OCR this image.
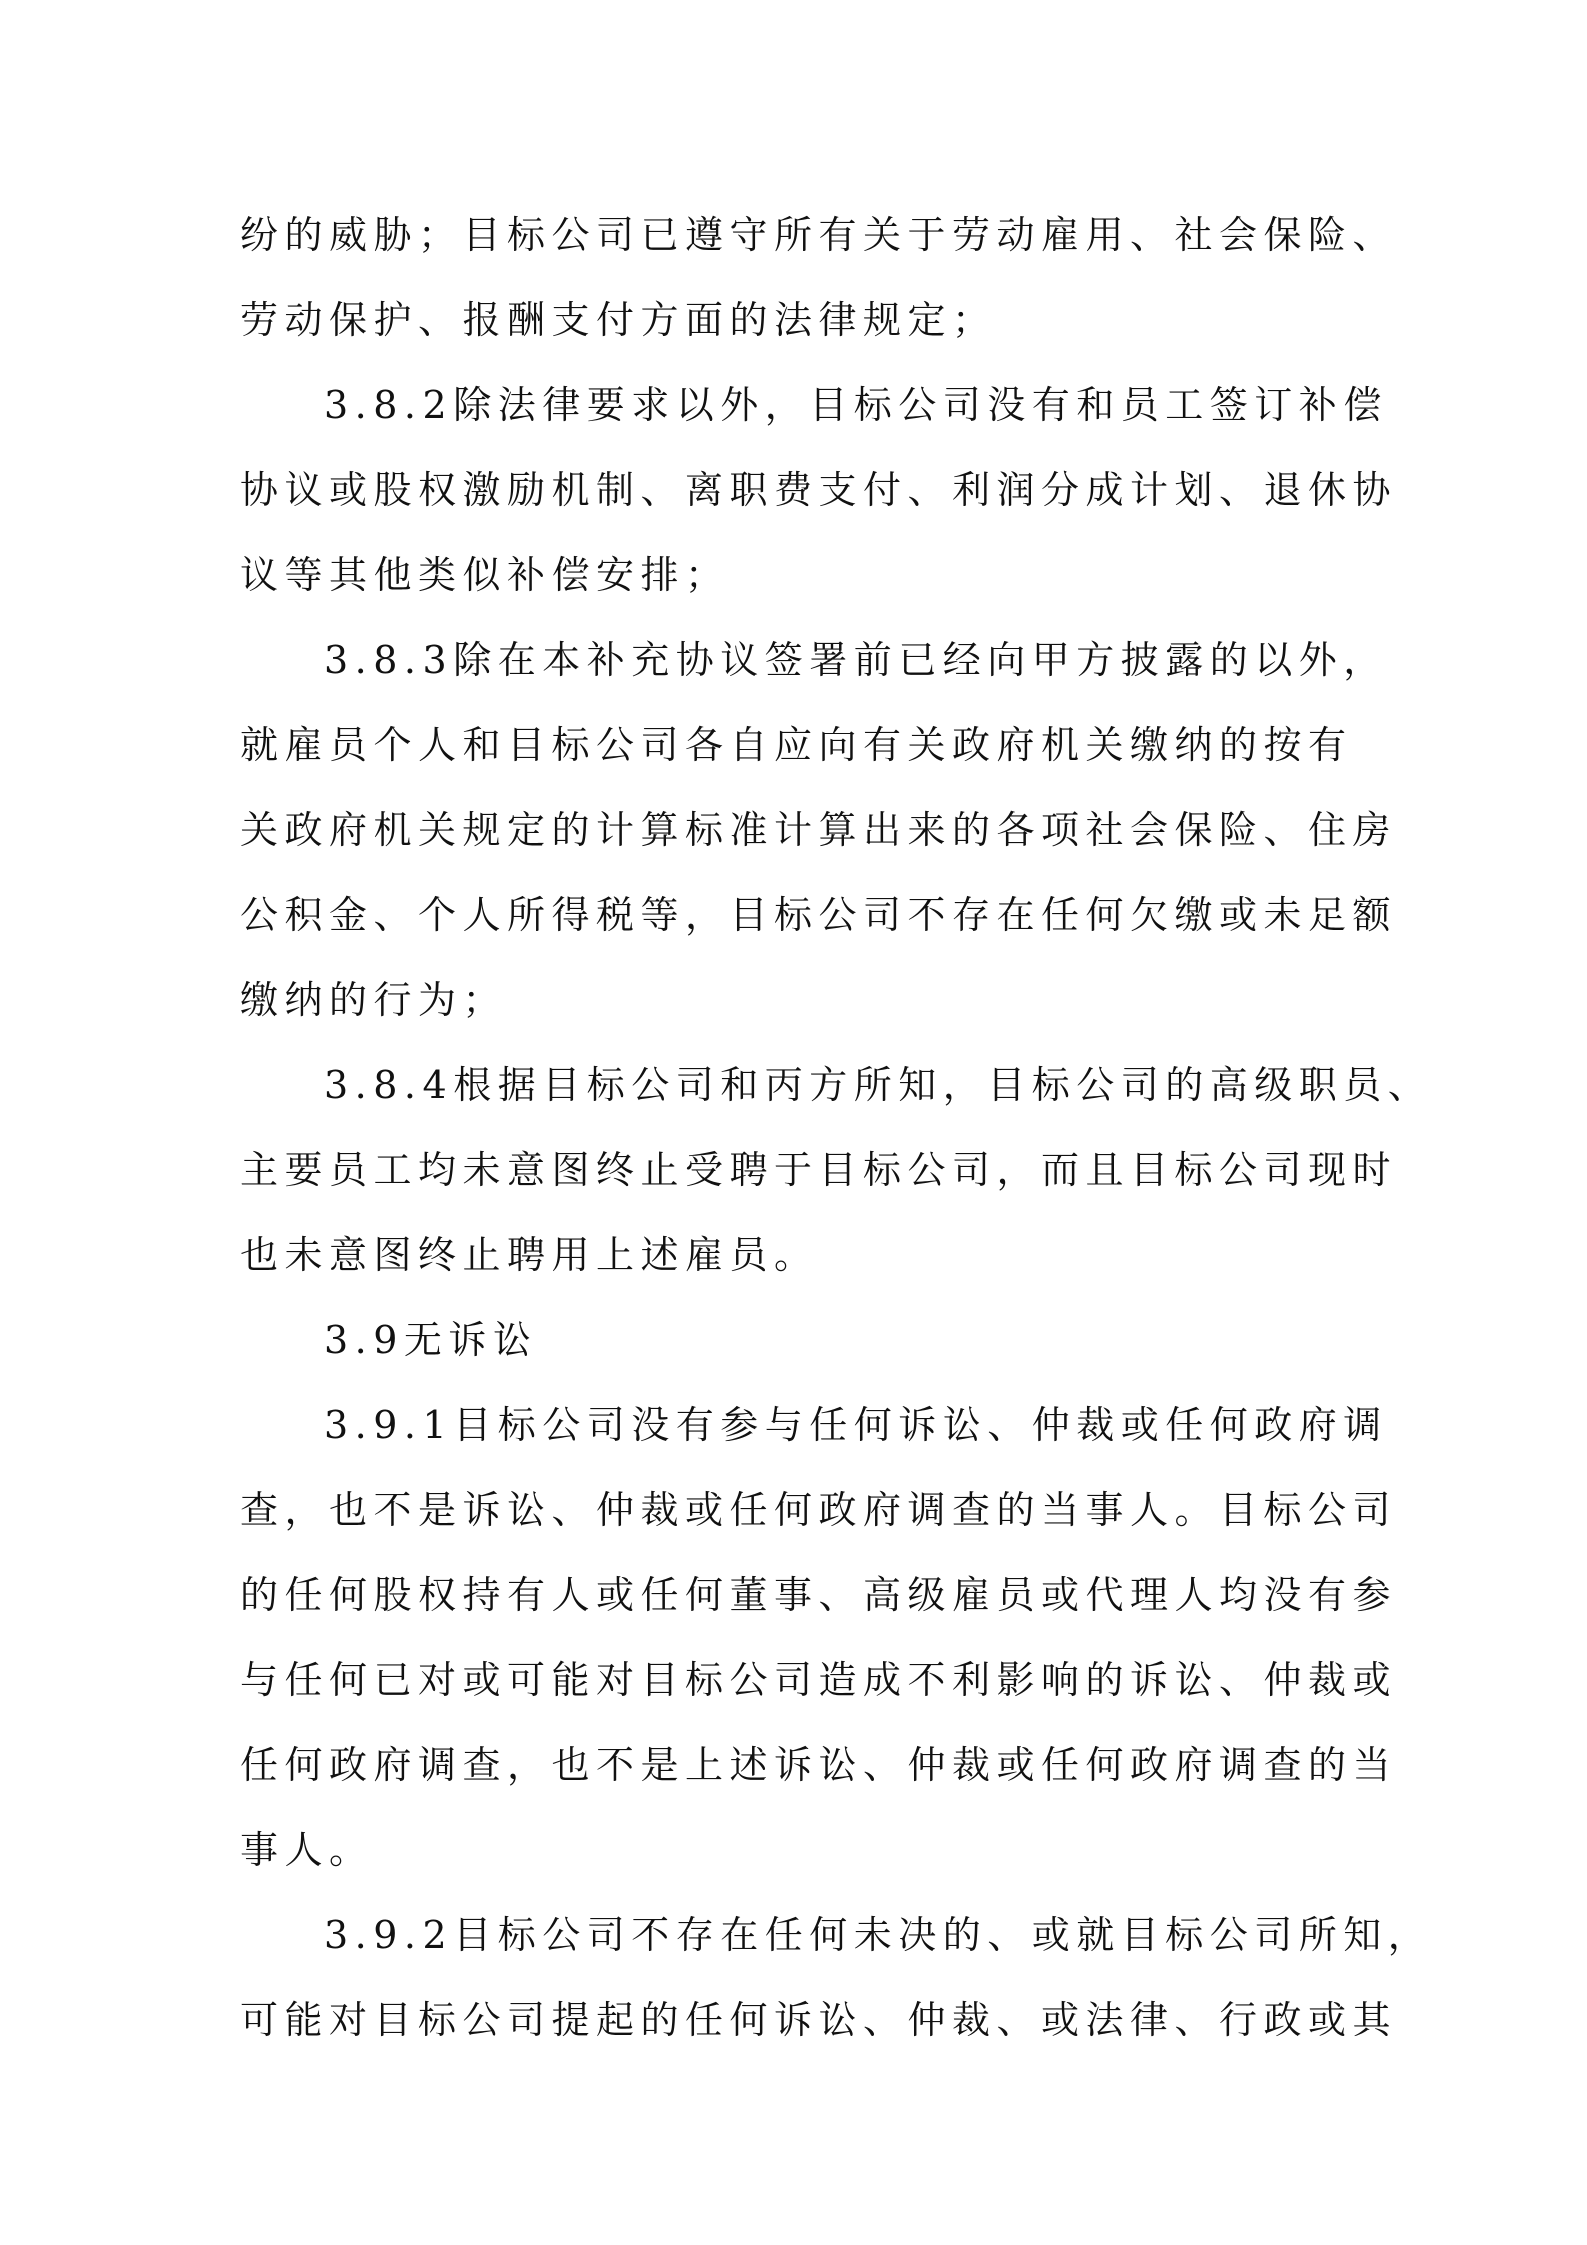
纷的威胁；目标公司已遵守所有关于劳动雇用、社会保险、
劳动保护、报酬支付方面的法律规定；
3.8.2除法律要求以外，目标公司没有和员工签订补偿
协议或股权激励机制、离职费支付、利润分成计划、退休协
议等其他类似补偿安排；
3.8.3除在本补充协议签署前已经向甲方披露的以外，
就雇员个人和目标公司各自应向有关政府机关缴纳的按有
关政府机关规定的计算标准计算出来的各项社会保险、住房
公积金、个人所得税等，目标公司不存在任何欠缴或未足额
缴纳的行为；
3.8.4根据目标公司和丙方所知，目标公司的高级职员、
主要员工均未意图终止受聘于目标公司，而且目标公司现时
也未意图终止聘用上述雇员。
3.9无诉讼
3.9.1目标公司没有参与任何诉讼、仲裁或任何政府调
查，也不是诉讼、仲裁或任何政府调查的当事人。目标公司
的任何股权持有人或任何董事、高级雇员或代理人均没有参
与任何已对或可能对目标公司造成不利影响的诉讼、仲裁或
任何政府调查，也不是上述诉讼、仲裁或任何政府调查的当
事人。
3.9.2目标公司不存在任何未决的、或就目标公司所知，
可能对目标公司提起的任何诉讼、仲裁、或法律、行政或其
